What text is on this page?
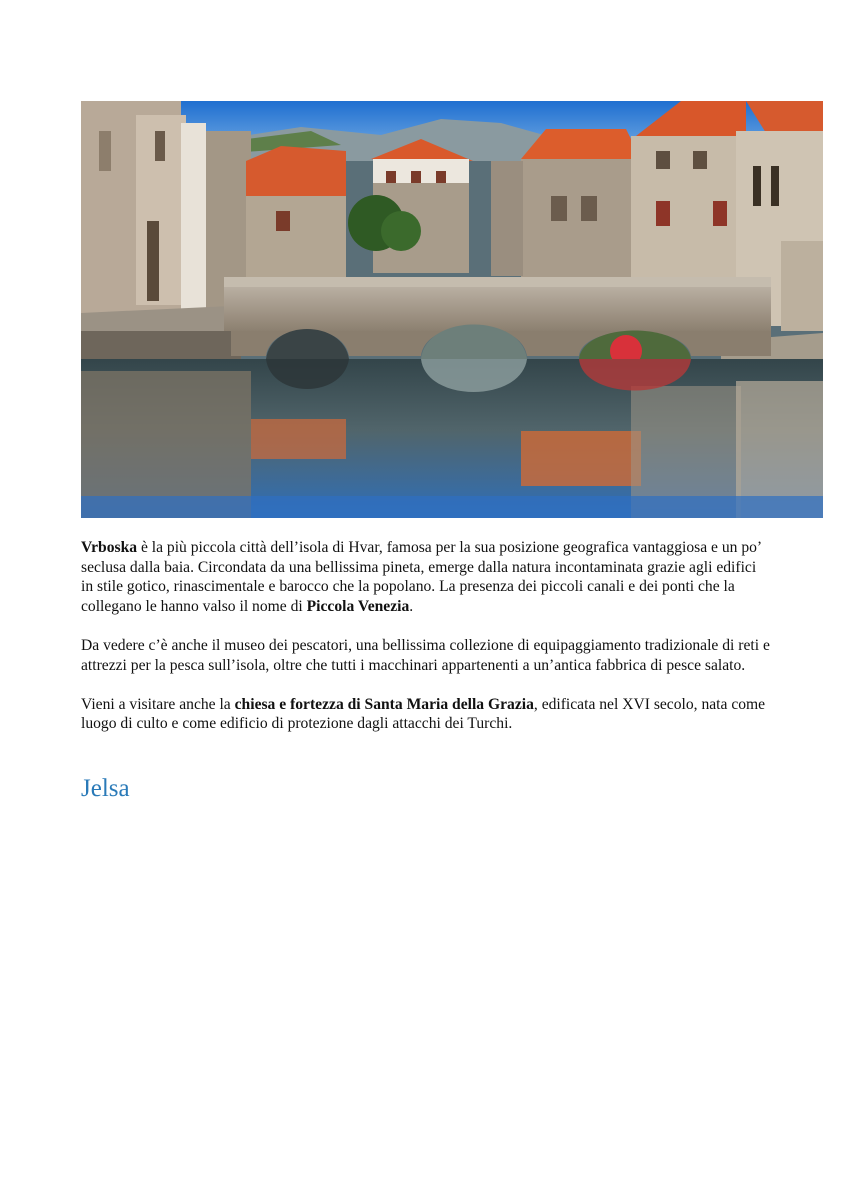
Vrboska è la più piccola città dell’isola di Hvar, famosa per la sua posizione geografica vantaggiosa e un po’ seclusa dalla baia. Circondata da una bellissima pineta, emerge dalla natura incontaminata grazie agli edifici in stile gotico, rinascimentale e barocco che la popolano. La presenza dei piccoli canali e dei ponti che la collegano le hanno valso il nome di Piccola Venezia.

Da vedere c’è anche il museo dei pescatori, una bellissima collezione di equipaggiamento tradizionale di reti e attrezzi per la pesca sull’isola, oltre che tutti i macchinari appartenenti a un’antica fabbrica di pesce salato.

Vieni a visitare anche la chiesa e fortezza di Santa Maria della Grazia, edificata nel XVI secolo, nata come luogo di culto e come edificio di protezione dagli attacchi dei Turchi.

Jelsa
